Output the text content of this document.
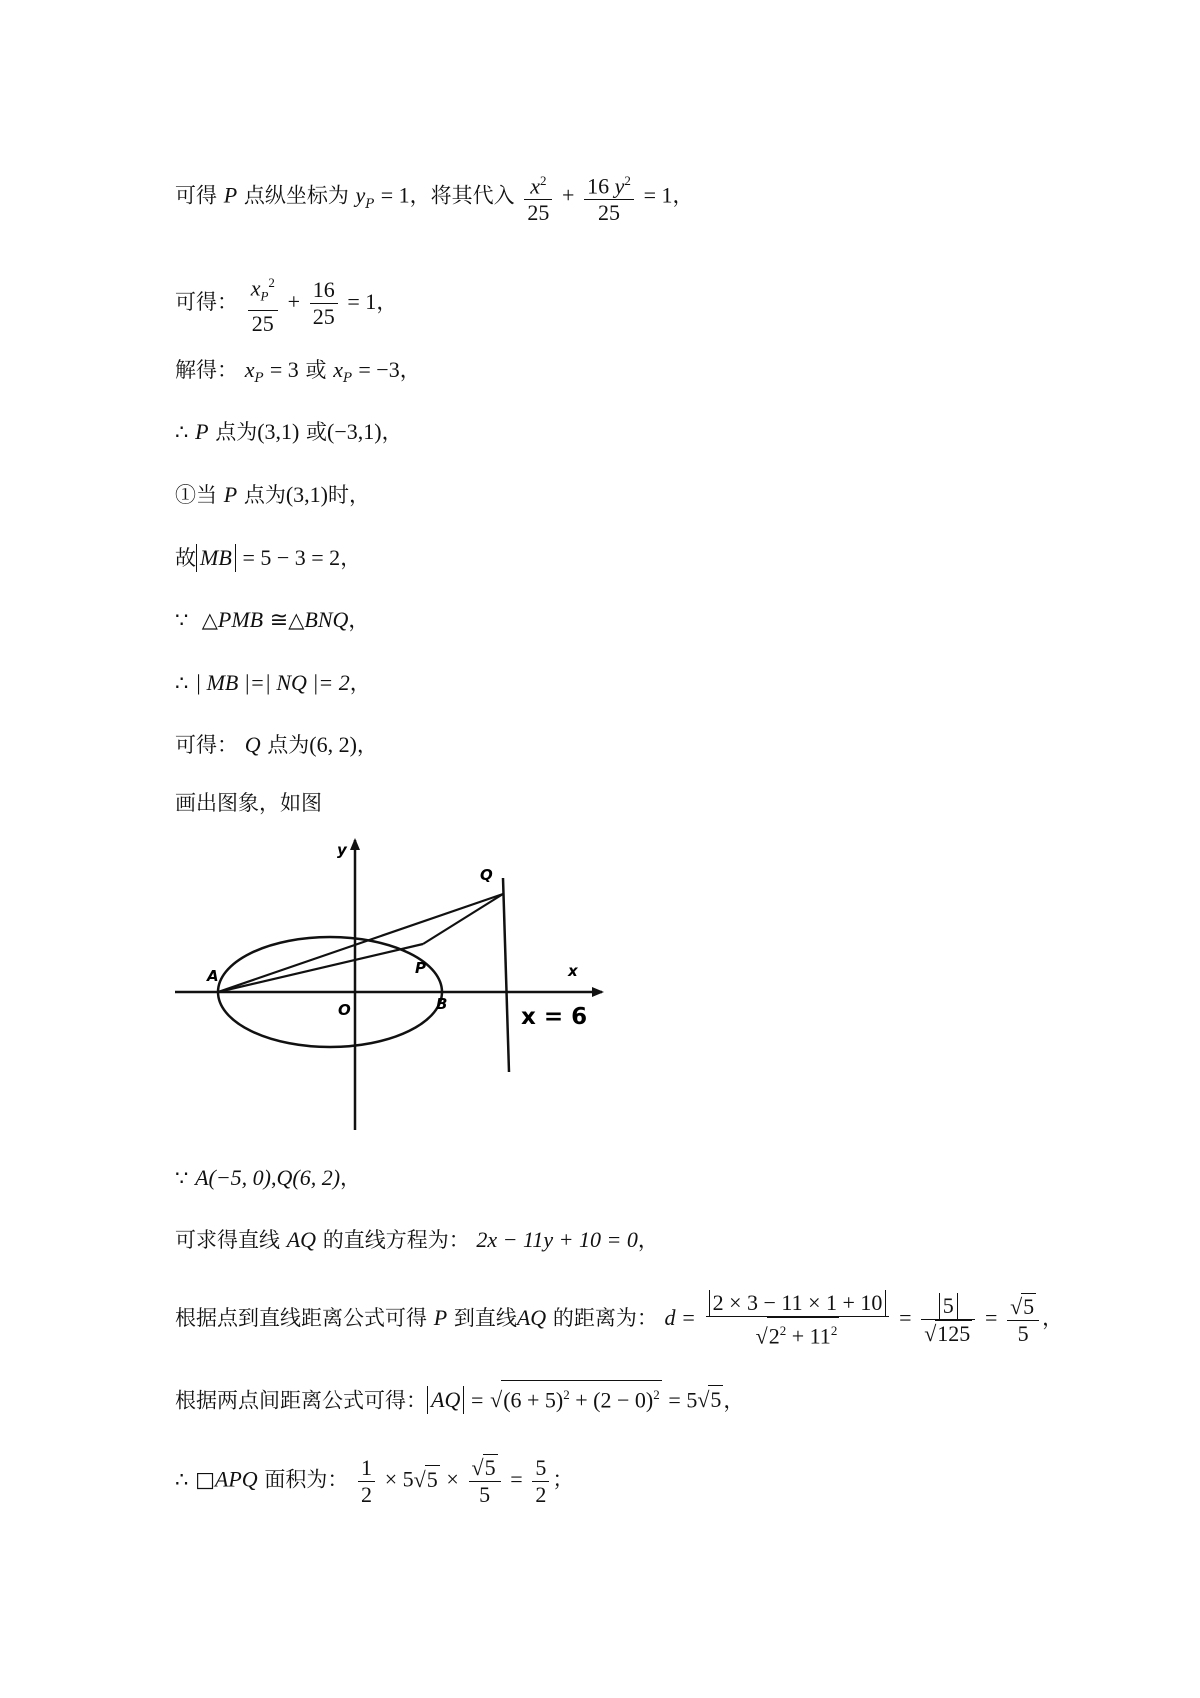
可得 P 点纵坐标为 $y_P = 1$，将其代入 $\frac{x^2}{25} + \frac{16 y^2}{25} = 1$，
可得： $\frac{x_P^2}{25} + \frac{16}{25} = 1$，
解得： $x_P = 3$ 或 $x_P = -3$，
∴ P 点为(3,1) 或(−3,1)，
①当 P 点为(3,1)时，
故 MB = 5 − 3 = 2，
∵ △PMB ≅△BNQ，
∴ | MB |=| NQ |= 2，
可得： Q 点为(6, 2)，
画出图象，如图
y
x
A
O	B
P
Q
x = 6
∵ A(−5, 0),Q(6, 2)，
可求得直线 AQ 的直线方程为： 2x − 11y + 10 = 0，
根据点到直线距离公式可得 P 到直线AQ 的距离为： $d = \frac{2 \times 3 - 11 \times 1 + 10}{√2^2 + 11^2} = \frac{5}{√125} = \frac{√5}{5}$ ，
根据两点间距离公式可得： AQ = $√(6 + 5)^2 + (2 - 0)^2 = 5√5$，
∴ □APQ 面积为： $\frac{1}{2} \times 5√5 \times \frac{√5}{5} = \frac{5}{2}$ ；
